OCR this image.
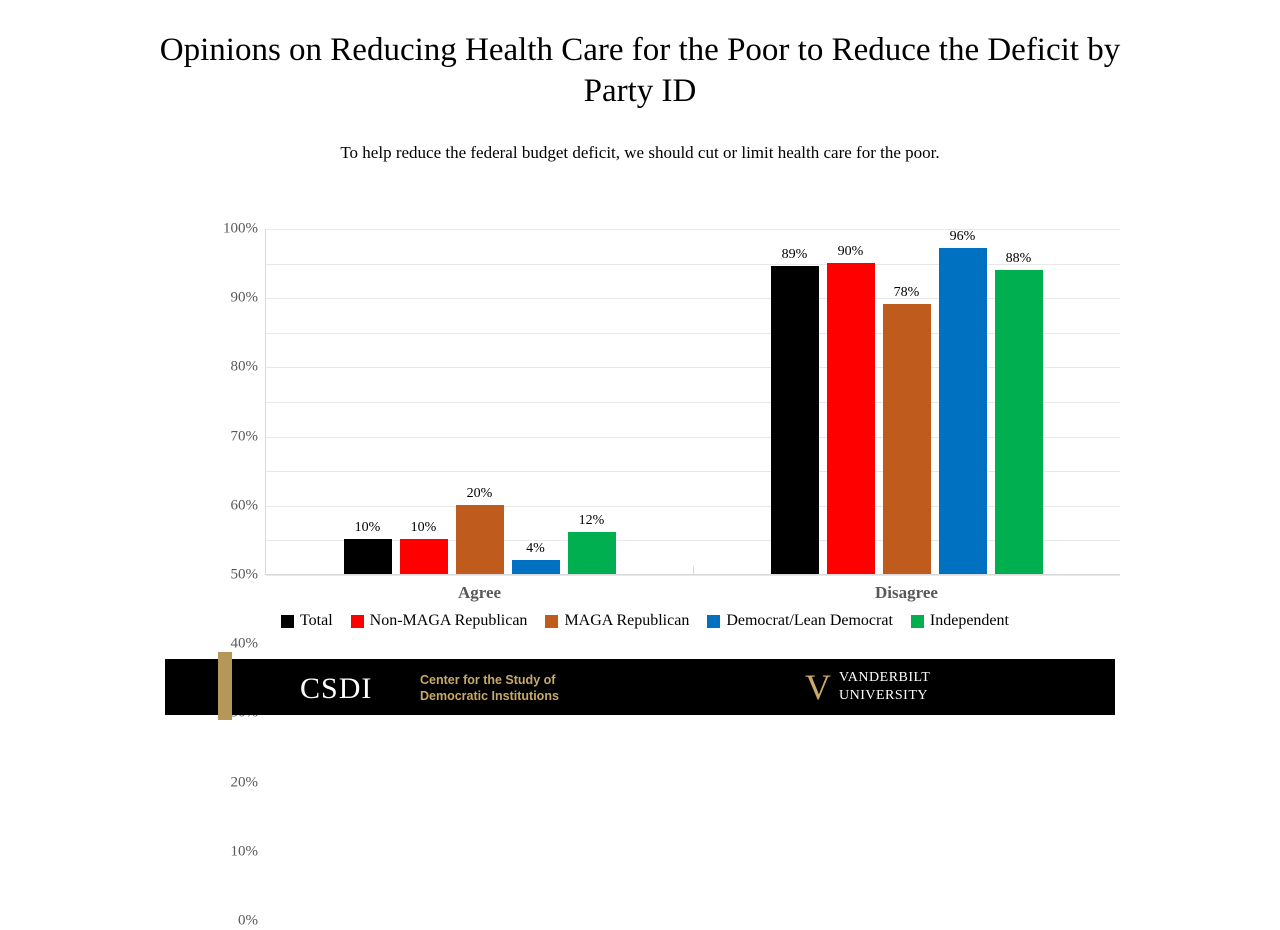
Opinions on Reducing Health Care for the Poor to Reduce the Deficit by Party ID
To help reduce the federal budget deficit, we should cut or limit health care for the poor.
0%
10%
20%
40%
50%
60%
70%
80%
90%
100%
10% 10%
20%
4%
12%
Agree
89% 90%
78%
96%
88%
Disagree
Total Non-MAGA Republican MAGA Republican Democrat/Lean Democrat Independent
CSDI	Center for the Study of
Democratic Institutions	V VANDERBILT
UNIVERSITY
